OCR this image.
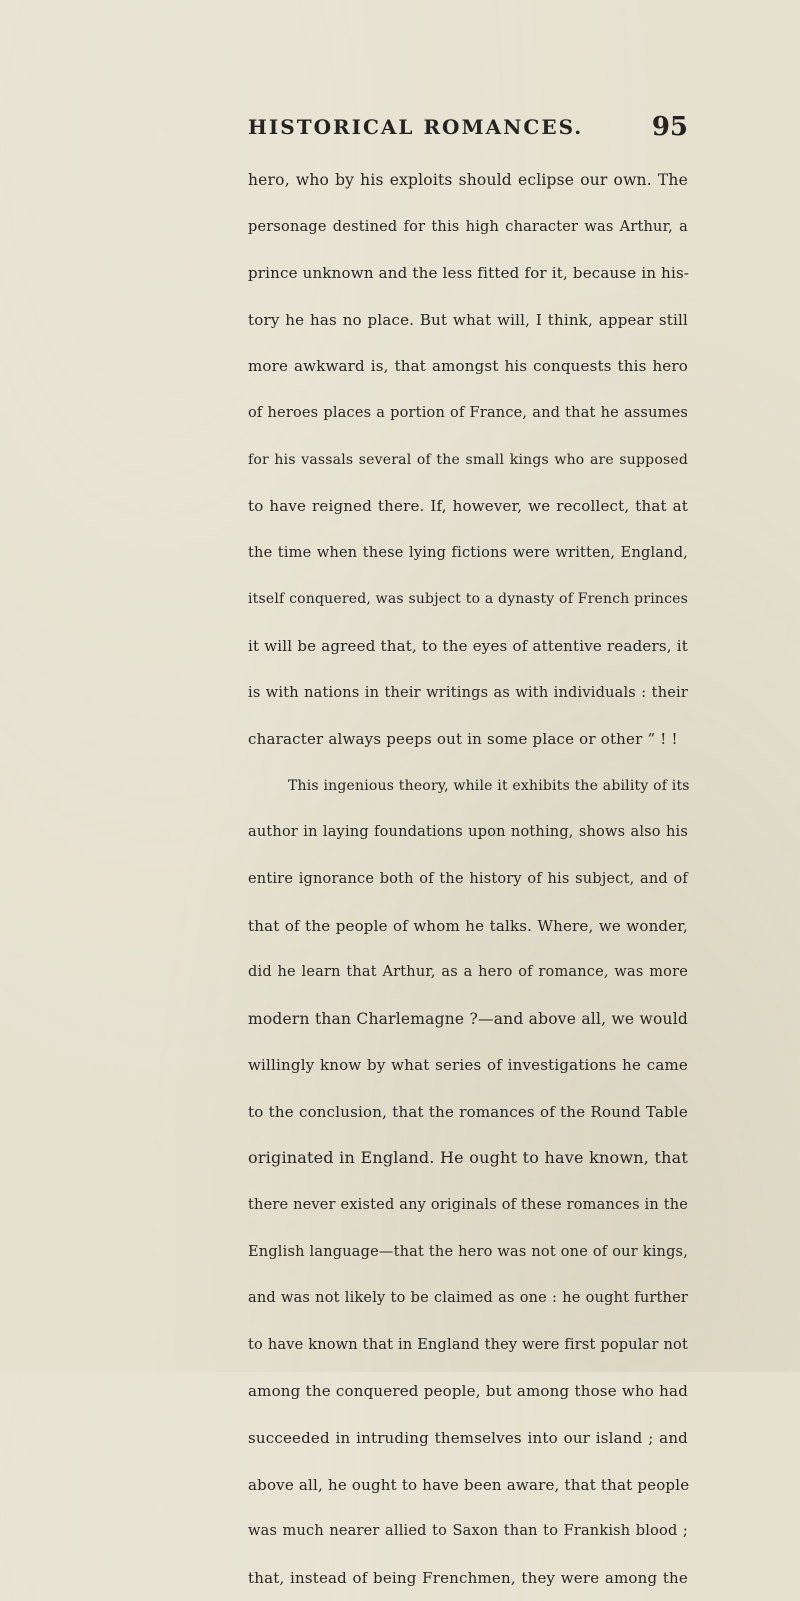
HISTORICAL ROMANCES.	95
hero, who by his exploits should eclipse our own. The
personage destined for this high character was Arthur, a
prince unknown and the less fitted for it, because in his-
tory he has no place. But what will, I think, appear still
more awkward is, that amongst his conquests this hero
of heroes places a portion of France, and that he assumes
for his vassals several of the small kings who are supposed
to have reigned there. If, however, we recollect, that at
the time when these lying fictions were written, England,
itself conquered, was subject to a dynasty of French princes
it will be agreed that, to the eyes of attentive readers, it
is with nations in their writings as with individuals : their
character always peeps out in some place or other ” ! !
This ingenious theory, while it exhibits the ability of its
author in laying foundations upon nothing, shows also his
entire ignorance both of the history of his subject, and of
that of the people of whom he talks. Where, we wonder,
did he learn that Arthur, as a hero of romance, was more
modern than Charlemagne ?—and above all, we would
willingly know by what series of investigations he came
to the conclusion, that the romances of the Round Table
originated in England. He ought to have known, that
there never existed any originals of these romances in the
English language—that the hero was not one of our kings,
and was not likely to be claimed as one : he ought further
to have known that in England they were first popular not
among the conquered people, but among those who had
succeeded in intruding themselves into our island ; and
above all, he ought to have been aware, that that people
was much nearer allied to Saxon than to Frankish blood ;
that, instead of being Frenchmen, they were among the
